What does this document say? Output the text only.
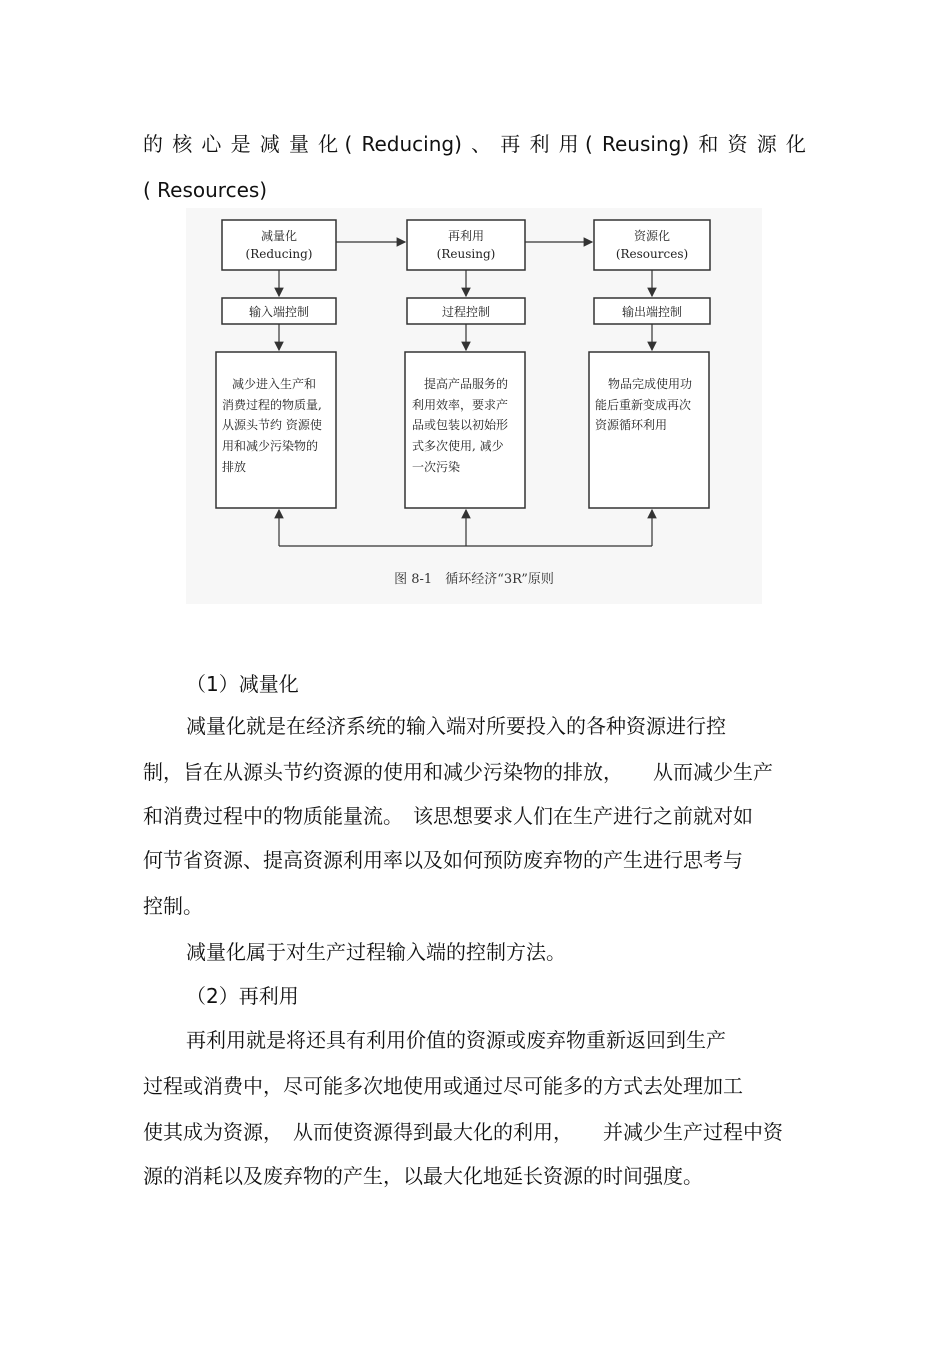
的 核 心 是 减 量 化 ( Reducing) 、 再 利 用 ( Reusing) 和 资 源 化
( Resources)
减量化
(Reducing)
再利用
(Reusing)
资源化
(Resources)
输入端控制	过程控制	输出端控制
减少进入生产和
消费过程的物质量,
从源头节约 资源使
用和减少污染物的
排放
提高产品服务的
利用效率，要求产
品或包装以初始形
式多次使用, 减少
一次污染
物品完成使用功
能后重新变成再次
资源循环利用
图 8-1　循环经济“3R”原则
（1）减量化
减量化就是在经济系统的输入端对所要投入的各种资源进行控
制，旨在从源头节约资源的使用和减少污染物的排放，　　从而减少生产
和消费过程中的物质能量流。　该思想要求人们在生产进行之前就对如
何节省资源、提高资源利用率以及如何预防废弃物的产生进行思考与
控制。
减量化属于对生产过程输入端的控制方法。
（2）再利用
再利用就是将还具有利用价值的资源或废弃物重新返回到生产
过程或消费中，尽可能多次地使用或通过尽可能多的方式去处理加工
使其成为资源，　从而使资源得到最大化的利用，　　并减少生产过程中资
源的消耗以及废弃物的产生，以最大化地延长资源的时间强度。
